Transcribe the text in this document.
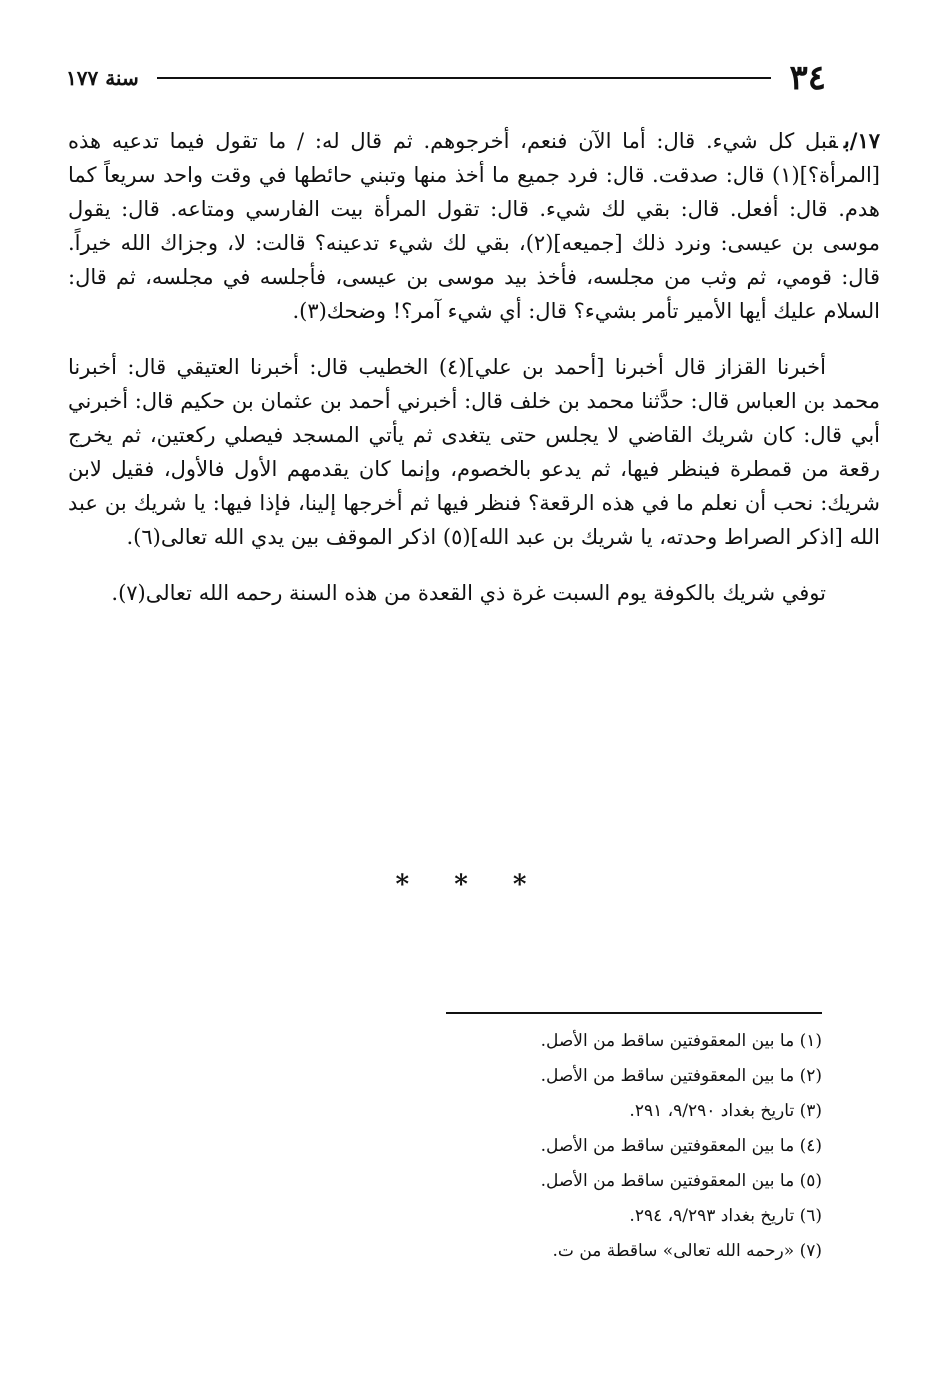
٣٤
سنة ١٧٧

١٧/بقبل كل شيء. قال: أما الآن فنعم، أخرجوهم. ثم قال له: / ما تقول فيما تدعيه هذه [المرأة؟](١) قال: صدقت. قال: فرد جميع ما أخذ منها وتبني حائطها في وقت واحد سريعاً كما هدم. قال: أفعل. قال: بقي لك شيء. قال: تقول المرأة بيت الفارسي ومتاعه. قال: يقول موسى بن عيسى: ونرد ذلك [جميعه](٢)، بقي لك شيء تدعينه؟ قالت: لا، وجزاك الله خيراً. قال: قومي، ثم وثب من مجلسه، فأخذ بيد موسى بن عيسى، فأجلسه في مجلسه، ثم قال: السلام عليك أيها الأمير تأمر بشيء؟ قال: أي شيء آمر؟! وضحك(٣).

أخبرنا القزاز قال أخبرنا [أحمد بن علي](٤) الخطيب قال: أخبرنا العتيقي قال: أخبرنا محمد بن العباس قال: حدَّثنا محمد بن خلف قال: أخبرني أحمد بن عثمان بن حكيم قال: أخبرني أبي قال: كان شريك القاضي لا يجلس حتى يتغدى ثم يأتي المسجد فيصلي ركعتين، ثم يخرج رقعة من قمطرة فينظر فيها، ثم يدعو بالخصوم، وإنما كان يقدمهم الأول فالأول، فقيل لابن شريك: نحب أن نعلم ما في هذه الرقعة؟ فنظر فيها ثم أخرجها إلينا، فإذا فيها: يا شريك بن عبد الله [اذكر الصراط وحدته، يا شريك بن عبد الله](٥) اذكر الموقف بين يدي الله تعالى(٦).

توفي شريك بالكوفة يوم السبت غرة ذي القعدة من هذه السنة رحمه الله تعالى(٧).

* * *
(١) ما بين المعقوفتين ساقط من الأصل.
(٢) ما بين المعقوفتين ساقط من الأصل.
(٣) تاريخ بغداد ٩/٢٩٠، ٢٩١.
(٤) ما بين المعقوفتين ساقط من الأصل.
(٥) ما بين المعقوفتين ساقط من الأصل.
(٦) تاريخ بغداد ٩/٢٩٣، ٢٩٤.
(٧) «رحمه الله تعالى» ساقطة من ت.
